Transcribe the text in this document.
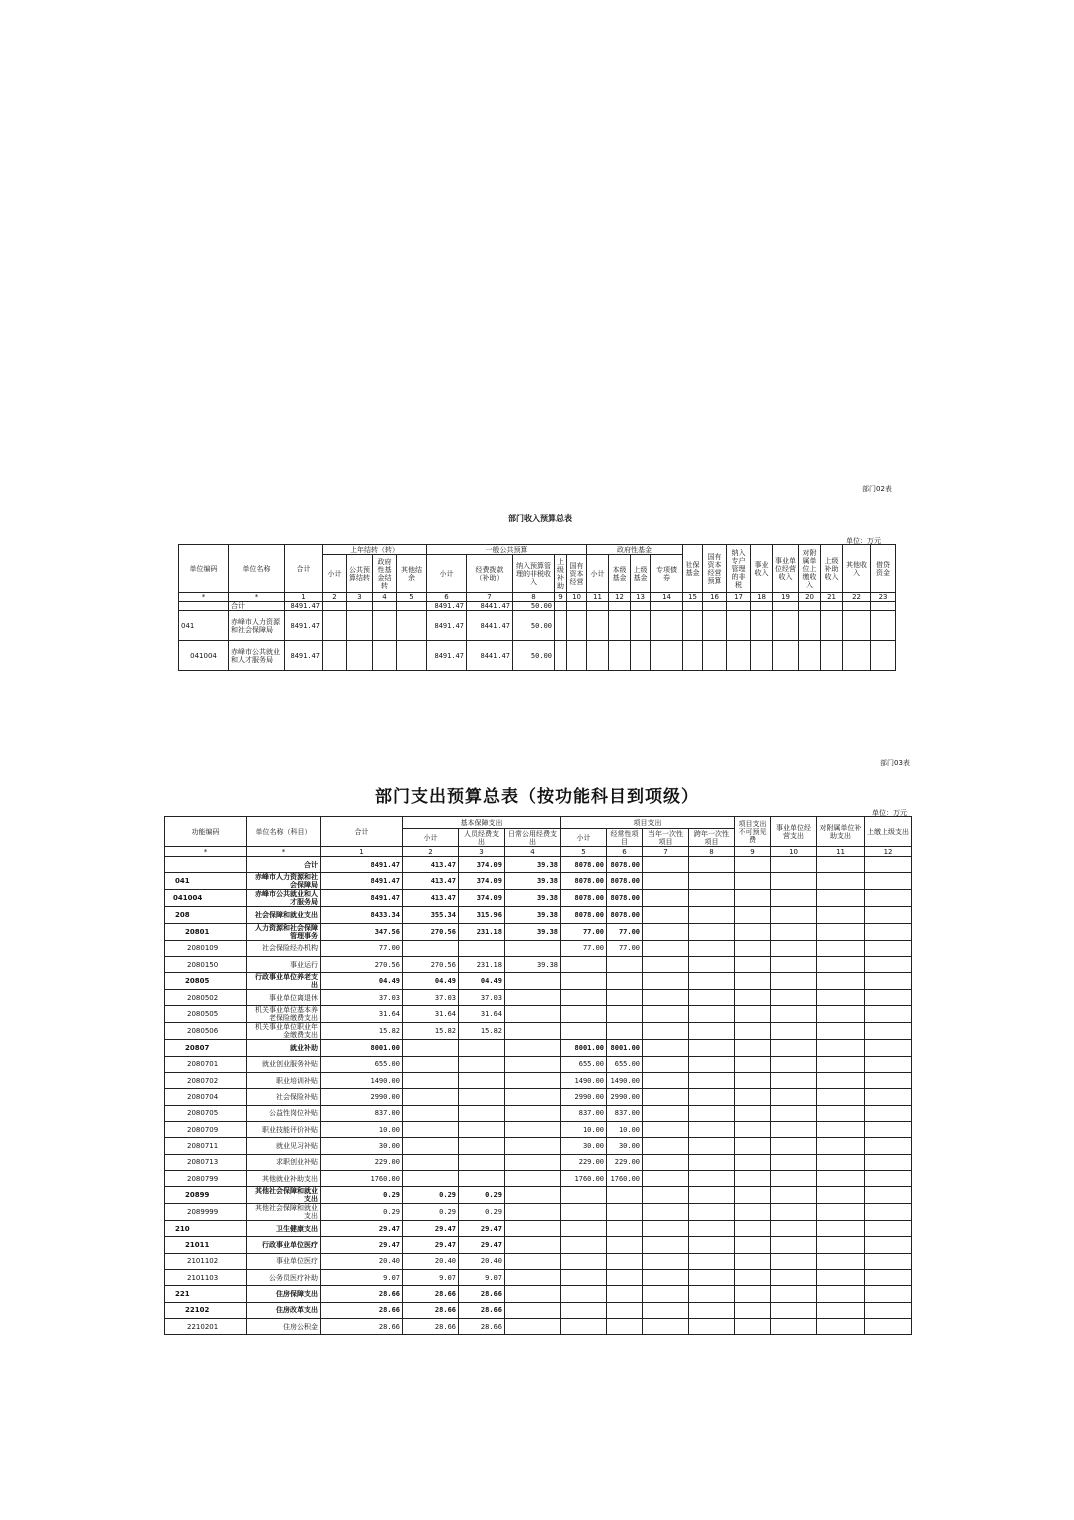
部门02表
部门收入预算总表
单位：万元
单位编码	单位名称	合计	上年结转（转）				一般公共预算					政府性基金				社保基金	国有资本经营预算	纳入专户管理的非税	事业收入	事业单位经营收入	对附属单位上缴收入	上级补助收入	其他收入	借贷资金
			小计	公共预算结转	政府性基金结转	其他结余	小计	经费拨款（补助）	纳入预算管理的非税收入	上级补助	国有资本经营	小计	本级基金	上级基金	专项债券									
*	*	1	2	3	4	5	6	7	8	9	10	11	12	13	14	15	16	17	18	19	20	21	22	23
	合计	8491.47					8491.47	8441.47	50.00															
041	赤峰市人力资源和社会保障局	8491.47					8491.47	8441.47	50.00															
041004	赤峰市公共就业和人才服务局	8491.47					8491.47	8441.47	50.00															
部门03表
部门支出预算总表（按功能科目到项级）
单位：万元
功能编码	单位名称（科目）	合计	基本保障支出			项目支出				项目支出不可预见费	事业单位经营支出	对附属单位补助支出	上缴上级支出
			小计	人员经费支出	日常公用经费支出	小计	经常性项目	当年一次性项目	跨年一次性项目				
*	*	1	2	3	4	5	6	7	8	9	10	11	12
	合计	8491.47	413.47	374.09	39.38	8078.00	8078.00						
041	赤峰市人力资源和社会保障局	8491.47	413.47	374.09	39.38	8078.00	8078.00						
041004	赤峰市公共就业和人才服务局	8491.47	413.47	374.09	39.38	8078.00	8078.00						
208	社会保障和就业支出	8433.34	355.34	315.96	39.38	8078.00	8078.00						
20801	人力资源和社会保障管理事务	347.56	270.56	231.18	39.38	77.00	77.00						
2080109	社会保险经办机构	77.00				77.00	77.00						
2080150	事业运行	270.56	270.56	231.18	39.38								
20805	行政事业单位养老支出	04.49	04.49	04.49									
2080502	事业单位离退休	37.03	37.03	37.03									
2080505	机关事业单位基本养老保险缴费支出	31.64	31.64	31.64									
2080506	机关事业单位职业年金缴费支出	15.82	15.82	15.82									
20807	就业补助	8001.00				8001.00	8001.00						
2080701	就业创业服务补贴	655.00				655.00	655.00						
2080702	职业培训补贴	1490.00				1490.00	1490.00						
2080704	社会保险补贴	2990.00				2990.00	2990.00						
2080705	公益性岗位补贴	837.00				837.00	837.00						
2080709	职业技能评价补贴	10.00				10.00	10.00						
2080711	就业见习补贴	30.00				30.00	30.00						
2080713	求职创业补贴	229.00				229.00	229.00						
2080799	其他就业补助支出	1760.00				1760.00	1760.00						
20899	其他社会保障和就业支出	0.29	0.29	0.29									
2089999	其他社会保障和就业支出	0.29	0.29	0.29									
210	卫生健康支出	29.47	29.47	29.47									
21011	行政事业单位医疗	29.47	29.47	29.47									
2101102	事业单位医疗	20.40	20.40	20.40									
2101103	公务员医疗补助	9.07	9.07	9.07									
221	住房保障支出	28.66	28.66	28.66									
22102	住房改革支出	28.66	28.66	28.66									
2210201	住房公积金	28.66	28.66	28.66									
